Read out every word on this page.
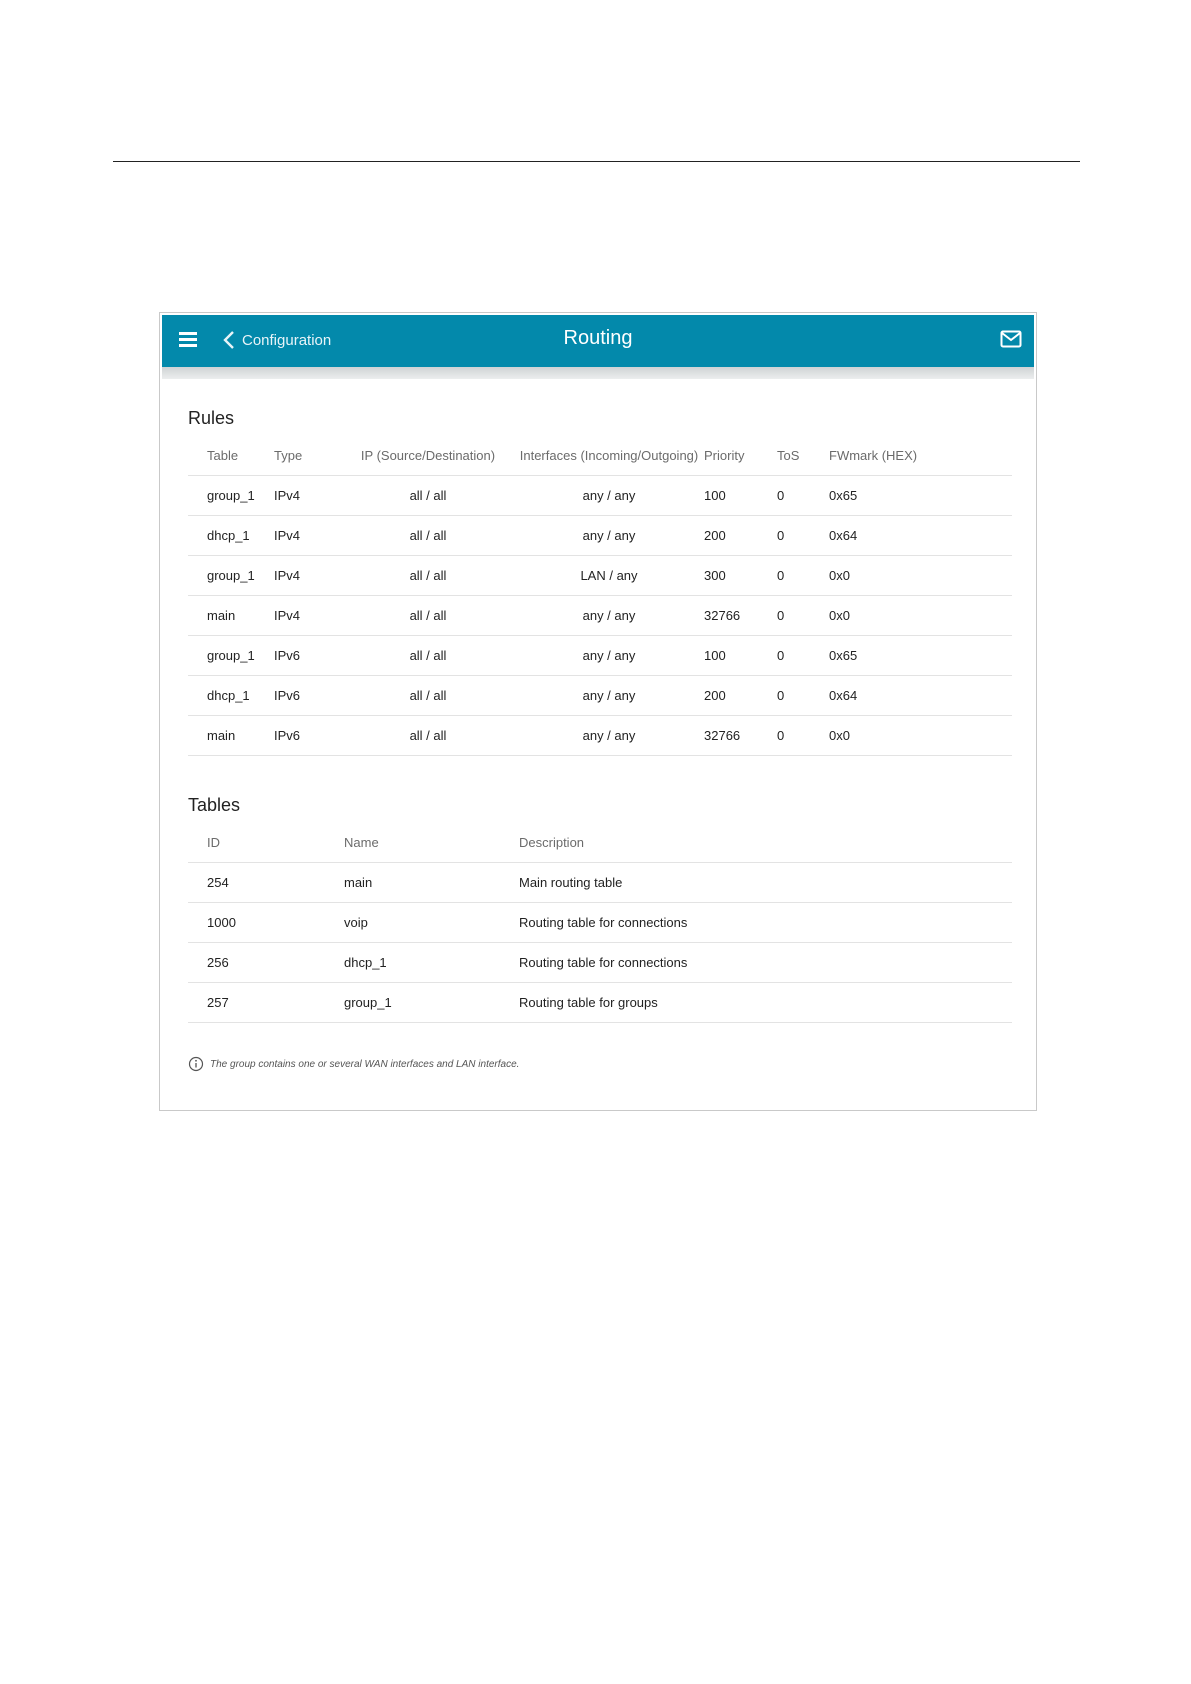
Configuration	Routing
Rules
Table	Type	IP (Source/Destination)	Interfaces (Incoming/Outgoing)	Priority	ToS	FWmark (HEX)
group_1	IPv4	all / all	any / any	100	0	0x65
dhcp_1	IPv4	all / all	any / any	200	0	0x64
group_1	IPv4	all / all	LAN / any	300	0	0x0
main	IPv4	all / all	any / any	32766	0	0x0
group_1	IPv6	all / all	any / any	100	0	0x65
dhcp_1	IPv6	all / all	any / any	200	0	0x64
main	IPv6	all / all	any / any	32766	0	0x0
Tables
ID	Name	Description
254	main	Main routing table
1000	voip	Routing table for connections
256	dhcp_1	Routing table for connections
257	group_1	Routing table for groups
The group contains one or several WAN interfaces and LAN interface.
